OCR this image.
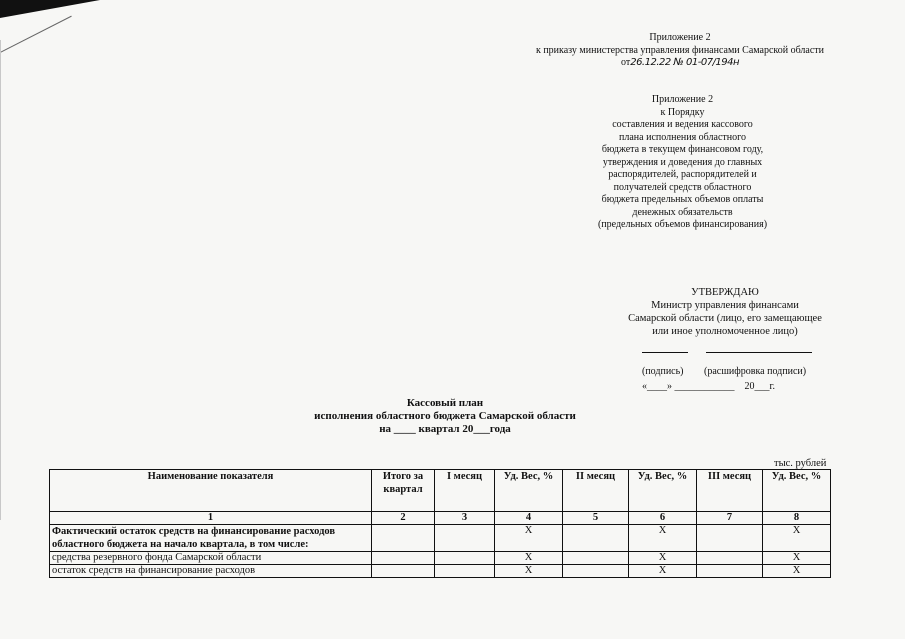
Приложение 2
к приказу министерства управления финансами Самарской области
от26.12.22 № 01-07/194н
Приложение 2
к Порядку
составления и ведения кассового
плана исполнения областного
бюджета в текущем финансовом году,
утверждения и доведения до главных
распорядителей, распорядителей и
получателей средств областного
бюджета предельных объемов оплаты
денежных обязательств
(предельных объемов финансирования)
УТВЕРЖДАЮ
Министр управления финансами
Самарской области (лицо, его замещающее
или иное уполномоченное лицо)
(подпись) (расшифровка подписи)
«____» ____________    20___г.
Кассовый план
исполнения областного бюджета Самарской области
на ____ квартал 20___года
тыс. рублей
Наименование показателя	Итого за квартал	I месяц	Уд. Вес, %	II месяц	Уд. Вес, %	III месяц	Уд. Вес, %
1	2	3	4	5	6	7	8
Фактический остаток средств на финансирование расходов областного бюджета на начало квартала, в том числе:			Х		Х		Х
средства резервного фонда Самарской области			Х		Х		Х
остаток средств на финансирование расходов			Х		Х		Х
